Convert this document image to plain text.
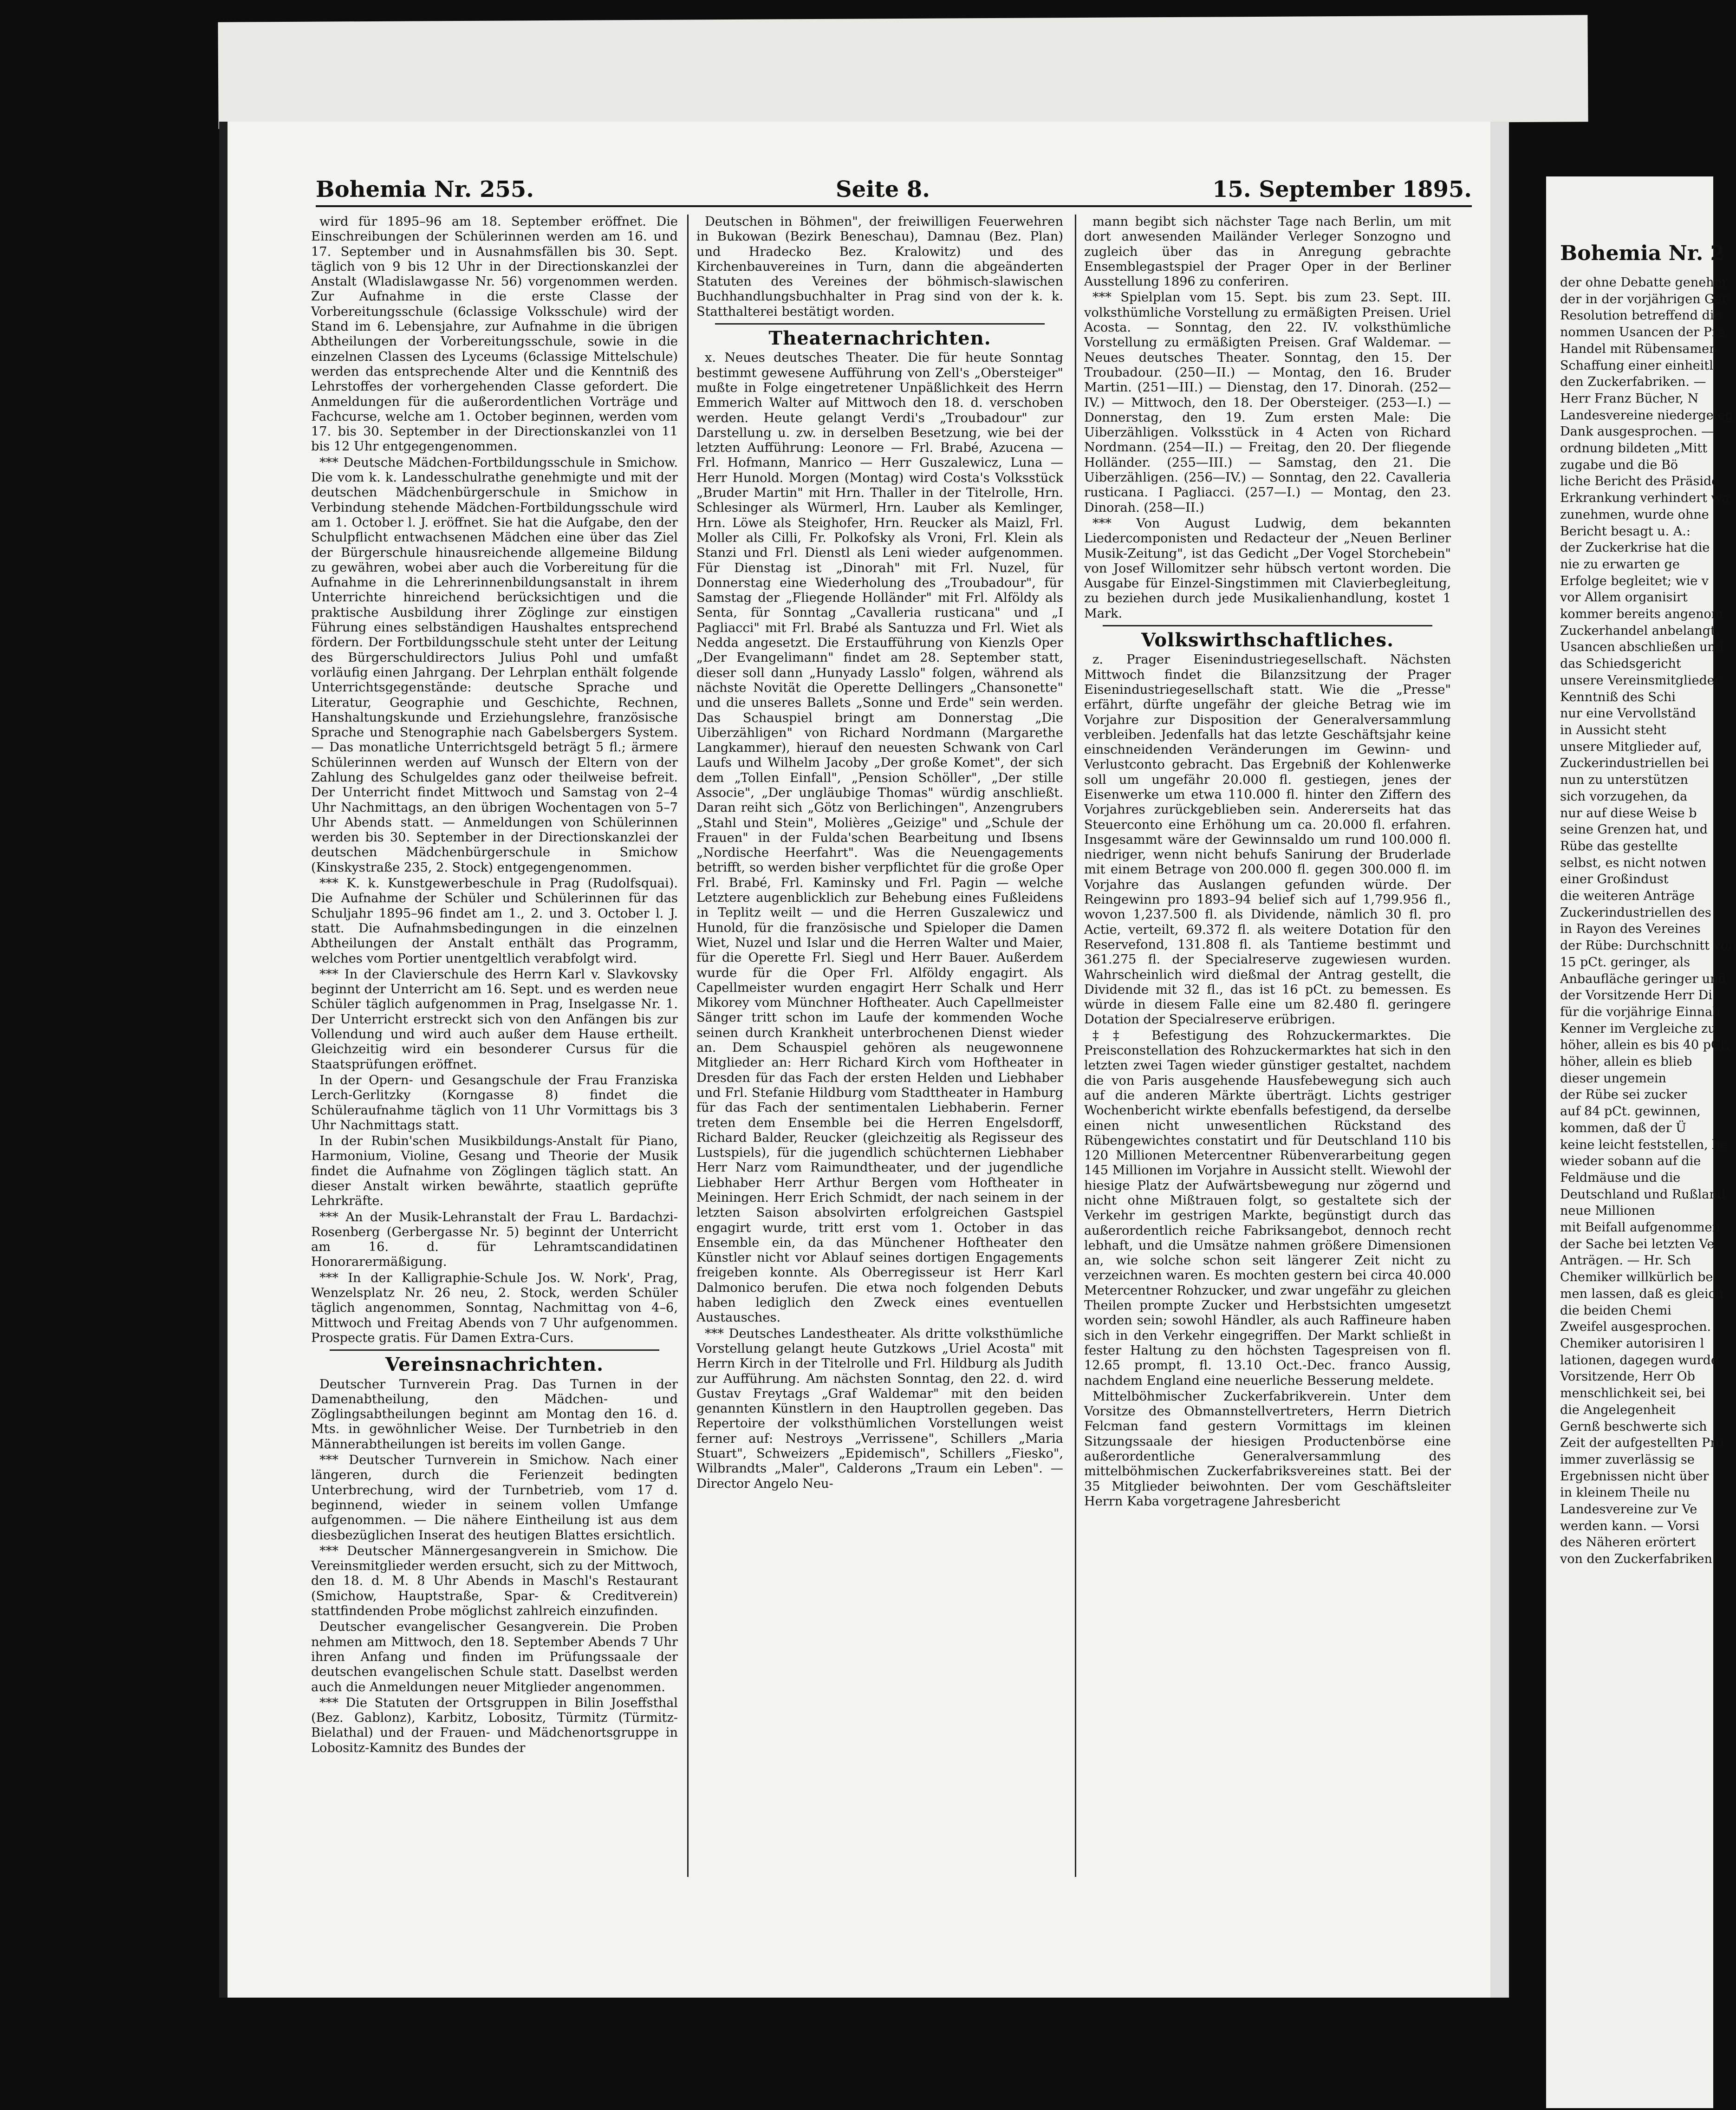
Bohemia Nr. 255.	Seite 8.	15. September 1895.

wird für 1895–96 am 18. September eröffnet. Die Einschreibungen der Schülerinnen werden am 16. und 17. September und in Ausnahmsfällen bis 30. Sept. täglich von 9 bis 12 Uhr in der Directionskanzlei der Anstalt (Wladislawgasse Nr. 56) vorgenommen werden. Zur Aufnahme in die erste Classe der Vorbereitungsschule (6classige Volksschule) wird der Stand im 6. Lebensjahre, zur Aufnahme in die übrigen Abtheilungen der Vorbereitungsschule, sowie in die einzelnen Classen des Lyceums (6classige Mittelschule) werden das entsprechende Alter und die Kenntniß des Lehrstoffes der vorhergehenden Classe gefordert. Die Anmeldungen für die außerordentlichen Vorträge und Fachcurse, welche am 1. October beginnen, werden vom 17. bis 30. September in der Directionskanzlei von 11 bis 12 Uhr entgegengenommen.

*** Deutsche Mädchen-Fortbildungsschule in Smichow. Die vom k. k. Landesschulrathe genehmigte und mit der deutschen Mädchenbürgerschule in Smichow in Verbindung stehende Mädchen-Fortbildungsschule wird am 1. October l. J. eröffnet. Sie hat die Aufgabe, den der Schulpflicht entwachsenen Mädchen eine über das Ziel der Bürgerschule hinausreichende allgemeine Bildung zu gewähren, wobei aber auch die Vorbereitung für die Aufnahme in die Lehrerinnenbildungsanstalt in ihrem Unterrichte hinreichend berücksichtigen und die praktische Ausbildung ihrer Zöglinge zur einstigen Führung eines selbständigen Haushaltes entsprechend fördern. Der Fortbildungsschule steht unter der Leitung des Bürgerschuldirectors Julius Pohl und umfaßt vorläufig einen Jahrgang. Der Lehrplan enthält folgende Unterrichtsgegenstände: deutsche Sprache und Literatur, Geographie und Geschichte, Rechnen, Hanshaltungskunde und Erziehungslehre, französische Sprache und Stenographie nach Gabelsbergers System. — Das monatliche Unterrichtsgeld beträgt 5 fl.; ärmere Schülerinnen werden auf Wunsch der Eltern von der Zahlung des Schulgeldes ganz oder theilweise befreit. Der Unterricht findet Mittwoch und Samstag von 2–4 Uhr Nachmittags, an den übrigen Wochentagen von 5–7 Uhr Abends statt. — Anmeldungen von Schülerinnen werden bis 30. September in der Directionskanzlei der deutschen Mädchenbürgerschule in Smichow (Kinskystraße 235, 2. Stock) entgegengenommen.

*** K. k. Kunstgewerbeschule in Prag (Rudolfsquai). Die Aufnahme der Schüler und Schülerinnen für das Schuljahr 1895–96 findet am 1., 2. und 3. October l. J. statt. Die Aufnahmsbedingungen in die einzelnen Abtheilungen der Anstalt enthält das Programm, welches vom Portier unentgeltlich verabfolgt wird.

*** In der Clavierschule des Herrn Karl v. Slavkovsky beginnt der Unterricht am 16. Sept. und es werden neue Schüler täglich aufgenommen in Prag, Inselgasse Nr. 1. Der Unterricht erstreckt sich von den Anfängen bis zur Vollendung und wird auch außer dem Hause ertheilt. Gleichzeitig wird ein besonderer Cursus für die Staatsprüfungen eröffnet.

In der Opern- und Gesangschule der Frau Franziska Lerch-Gerlitzky (Korngasse 8) findet die Schüleraufnahme täglich von 11 Uhr Vormittags bis 3 Uhr Nachmittags statt.

In der Rubin'schen Musikbildungs-Anstalt für Piano, Harmonium, Violine, Gesang und Theorie der Musik findet die Aufnahme von Zöglingen täglich statt. An dieser Anstalt wirken bewährte, staatlich geprüfte Lehrkräfte.

*** An der Musik-Lehranstalt der Frau L. Bardachzi-Rosenberg (Gerbergasse Nr. 5) beginnt der Unterricht am 16. d. für Lehramtscandidatinen Honorarermäßigung.

*** In der Kalligraphie-Schule Jos. W. Nork', Prag, Wenzelsplatz Nr. 26 neu, 2. Stock, werden Schüler täglich angenommen, Sonntag, Nachmittag von 4–6, Mittwoch und Freitag Abends von 7 Uhr aufgenommen. Prospecte gratis. Für Damen Extra-Curs.

Vereinsnachrichten.

Deutscher Turnverein Prag. Das Turnen in der Damenabtheilung, den Mädchen- und Zöglingsabtheilungen beginnt am Montag den 16. d. Mts. in gewöhnlicher Weise. Der Turnbetrieb in den Männerabtheilungen ist bereits im vollen Gange.

*** Deutscher Turnverein in Smichow. Nach einer längeren, durch die Ferienzeit bedingten Unterbrechung, wird der Turnbetrieb, vom 17 d. beginnend, wieder in seinem vollen Umfange aufgenommen. — Die nähere Eintheilung ist aus dem diesbezüglichen Inserat des heutigen Blattes ersichtlich.

*** Deutscher Männergesangverein in Smichow. Die Vereinsmitglieder werden ersucht, sich zu der Mittwoch, den 18. d. M. 8 Uhr Abends in Maschl's Restaurant (Smichow, Hauptstraße, Spar- & Creditverein) stattfindenden Probe möglichst zahlreich einzufinden.

Deutscher evangelischer Gesangverein. Die Proben nehmen am Mittwoch, den 18. September Abends 7 Uhr ihren Anfang und finden im Prüfungssaale der deutschen evangelischen Schule statt. Daselbst werden auch die Anmeldungen neuer Mitglieder angenommen.

*** Die Statuten der Ortsgruppen in Bilin Joseffsthal (Bez. Gablonz), Karbitz, Lobositz, Türmitz (Türmitz-Bielathal) und der Frauen- und Mädchenortsgruppe in Lobositz-Kamnitz des Bundes der

Deutschen in Böhmen", der freiwilligen Feuerwehren in Bukowan (Bezirk Beneschau), Damnau (Bez. Plan) und Hradecko Bez. Kralowitz) und des Kirchenbauvereines in Turn, dann die abgeänderten Statuten des Vereines der böhmisch-slawischen Buchhandlungsbuchhalter in Prag sind von der k. k. Statthalterei bestätigt worden.

Theaternachrichten.

x. Neues deutsches Theater. Die für heute Sonntag bestimmt gewesene Aufführung von Zell's „Obersteiger" mußte in Folge eingetretener Unpäßlichkeit des Herrn Emmerich Walter auf Mittwoch den 18. d. verschoben werden. Heute gelangt Verdi's „Troubadour" zur Darstellung u. zw. in derselben Besetzung, wie bei der letzten Aufführung: Leonore — Frl. Brabé, Azucena — Frl. Hofmann, Manrico — Herr Guszalewicz, Luna — Herr Hunold. Morgen (Montag) wird Costa's Volksstück „Bruder Martin" mit Hrn. Thaller in der Titelrolle, Hrn. Schlesinger als Würmerl, Hrn. Lauber als Kemlinger, Hrn. Löwe als Steighofer, Hrn. Reucker als Maizl, Frl. Moller als Cilli, Fr. Polkofsky als Vroni, Frl. Klein als Stanzi und Frl. Dienstl als Leni wieder aufgenommen. Für Dienstag ist „Dinorah" mit Frl. Nuzel, für Donnerstag eine Wiederholung des „Troubadour", für Samstag der „Fliegende Holländer" mit Frl. Alföldy als Senta, für Sonntag „Cavalleria rusticana" und „I Pagliacci" mit Frl. Brabé als Santuzza und Frl. Wiet als Nedda angesetzt. Die Erstaufführung von Kienzls Oper „Der Evangelimann" findet am 28. September statt, dieser soll dann „Hunyady Lasslo" folgen, während als nächste Novität die Operette Dellingers „Chansonette" und die unseres Ballets „Sonne und Erde" sein werden. Das Schauspiel bringt am Donnerstag „Die Uiberzähligen" von Richard Nordmann (Margarethe Langkammer), hierauf den neuesten Schwank von Carl Laufs und Wilhelm Jacoby „Der große Komet", der sich dem „Tollen Einfall", „Pension Schöller", „Der stille Associe", „Der ungläubige Thomas" würdig anschließt. Daran reiht sich „Götz von Berlichingen", Anzengrubers „Stahl und Stein", Molières „Geizige" und „Schule der Frauen" in der Fulda'schen Bearbeitung und Ibsens „Nordische Heerfahrt". Was die Neuengagements betrifft, so werden bisher verpflichtet für die große Oper Frl. Brabé, Frl. Kaminsky und Frl. Pagin — welche Letztere augenblicklich zur Behebung eines Fußleidens in Teplitz weilt — und die Herren Guszalewicz und Hunold, für die französische und Spieloper die Damen Wiet, Nuzel und Islar und die Herren Walter und Maier, für die Operette Frl. Siegl und Herr Bauer. Außerdem wurde für die Oper Frl. Alföldy engagirt. Als Capellmeister wurden engagirt Herr Schalk und Herr Mikorey vom Münchner Hoftheater. Auch Capellmeister Sänger tritt schon im Laufe der kommenden Woche seinen durch Krankheit unterbrochenen Dienst wieder an. Dem Schauspiel gehören als neugewonnene Mitglieder an: Herr Richard Kirch vom Hoftheater in Dresden für das Fach der ersten Helden und Liebhaber und Frl. Stefanie Hildburg vom Stadttheater in Hamburg für das Fach der sentimentalen Liebhaberin. Ferner treten dem Ensemble bei die Herren Engelsdorff, Richard Balder, Reucker (gleichzeitig als Regisseur des Lustspiels), für die jugendlich schüchternen Liebhaber Herr Narz vom Raimundtheater, und der jugendliche Liebhaber Herr Arthur Bergen vom Hoftheater in Meiningen. Herr Erich Schmidt, der nach seinem in der letzten Saison absolvirten erfolgreichen Gastspiel engagirt wurde, tritt erst vom 1. October in das Ensemble ein, da das Münchener Hoftheater den Künstler nicht vor Ablauf seines dortigen Engagements freigeben konnte. Als Oberregisseur ist Herr Karl Dalmonico berufen. Die etwa noch folgenden Debuts haben lediglich den Zweck eines eventuellen Austausches.

*** Deutsches Landestheater. Als dritte volksthümliche Vorstellung gelangt heute Gutzkows „Uriel Acosta" mit Herrn Kirch in der Titelrolle und Frl. Hildburg als Judith zur Aufführung. Am nächsten Sonntag, den 22. d. wird Gustav Freytags „Graf Waldemar" mit den beiden genannten Künstlern in den Hauptrollen gegeben. Das Repertoire der volksthümlichen Vorstellungen weist ferner auf: Nestroys „Verrissene", Schillers „Maria Stuart", Schweizers „Epidemisch", Schillers „Fiesko", Wilbrandts „Maler", Calderons „Traum ein Leben". — Director Angelo Neu-

mann begibt sich nächster Tage nach Berlin, um mit dort anwesenden Mailänder Verleger Sonzogno und zugleich über das in Anregung gebrachte Ensemblegastspiel der Prager Oper in der Berliner Ausstellung 1896 zu conferiren.

*** Spielplan vom 15. Sept. bis zum 23. Sept. III. volksthümliche Vorstellung zu ermäßigten Preisen. Uriel Acosta. — Sonntag, den 22. IV. volksthümliche Vorstellung zu ermäßigten Preisen. Graf Waldemar. — Neues deutsches Theater. Sonntag, den 15. Der Troubadour. (250—II.) — Montag, den 16. Bruder Martin. (251—III.) — Dienstag, den 17. Dinorah. (252—IV.) — Mittwoch, den 18. Der Obersteiger. (253—I.) — Donnerstag, den 19. Zum ersten Male: Die Uiberzähligen. Volksstück in 4 Acten von Richard Nordmann. (254—II.) — Freitag, den 20. Der fliegende Holländer. (255—III.) — Samstag, den 21. Die Uiberzähligen. (256—IV.) — Sonntag, den 22. Cavalleria rusticana. I Pagliacci. (257—I.) — Montag, den 23. Dinorah. (258—II.)

*** Von August Ludwig, dem bekannten Liedercomponisten und Redacteur der „Neuen Berliner Musik-Zeitung", ist das Gedicht „Der Vogel Storchebein" von Josef Willomitzer sehr hübsch vertont worden. Die Ausgabe für Einzel-Singstimmen mit Clavierbegleitung, zu beziehen durch jede Musikalienhandlung, kostet 1 Mark.

Volkswirthschaftliches.

z. Prager Eisenindustriegesellschaft. Nächsten Mittwoch findet die Bilanzsitzung der Prager Eisenindustriegesellschaft statt. Wie die „Presse" erfährt, dürfte ungefähr der gleiche Betrag wie im Vorjahre zur Disposition der Generalversammlung verbleiben. Jedenfalls hat das letzte Geschäftsjahr keine einschneidenden Veränderungen im Gewinn- und Verlustconto gebracht. Das Ergebniß der Kohlenwerke soll um ungefähr 20.000 fl. gestiegen, jenes der Eisenwerke um etwa 110.000 fl. hinter den Ziffern des Vorjahres zurückgeblieben sein. Andererseits hat das Steuerconto eine Erhöhung um ca. 20.000 fl. erfahren. Insgesammt wäre der Gewinnsaldo um rund 100.000 fl. niedriger, wenn nicht behufs Sanirung der Bruderlade mit einem Betrage von 200.000 fl. gegen 300.000 fl. im Vorjahre das Auslangen gefunden würde. Der Reingewinn pro 1893–94 belief sich auf 1,799.956 fl., wovon 1,237.500 fl. als Dividende, nämlich 30 fl. pro Actie, verteilt, 69.372 fl. als weitere Dotation für den Reservefond, 131.808 fl. als Tantieme bestimmt und 361.275 fl. der Specialreserve zugewiesen wurden. Wahrscheinlich wird dießmal der Antrag gestellt, die Dividende mit 32 fl., das ist 16 pCt. zu bemessen. Es würde in diesem Falle eine um 82.480 fl. geringere Dotation der Specialreserve erübrigen.

‡‡ Befestigung des Rohzuckermarktes. Die Preisconstellation des Rohzuckermarktes hat sich in den letzten zwei Tagen wieder günstiger gestaltet, nachdem die von Paris ausgehende Hausfebewegung sich auch auf die anderen Märkte überträgt. Lichts gestriger Wochenbericht wirkte ebenfalls befestigend, da derselbe einen nicht unwesentlichen Rückstand des Rübengewichtes constatirt und für Deutschland 110 bis 120 Millionen Metercentner Rübenverarbeitung gegen 145 Millionen im Vorjahre in Aussicht stellt. Wiewohl der hiesige Platz der Aufwärtsbewegung nur zögernd und nicht ohne Mißtrauen folgt, so gestaltete sich der Verkehr im gestrigen Markte, begünstigt durch das außerordentlich reiche Fabriksangebot, dennoch recht lebhaft, und die Umsätze nahmen größere Dimensionen an, wie solche schon seit längerer Zeit nicht zu verzeichnen waren. Es mochten gestern bei circa 40.000 Metercentner Rohzucker, und zwar ungefähr zu gleichen Theilen prompte Zucker und Herbstsichten umgesetzt worden sein; sowohl Händler, als auch Raffineure haben sich in den Verkehr eingegriffen. Der Markt schließt in fester Haltung zu den höchsten Tagespreisen von fl. 12.65 prompt, fl. 13.10 Oct.-Dec. franco Aussig, nachdem England eine neuerliche Besserung meldete.

Mittelböhmischer Zuckerfabrikverein. Unter dem Vorsitze des Obmannstellvertreters, Herrn Dietrich Felcman fand gestern Vormittags im kleinen Sitzungssaale der hiesigen Productenbörse eine außerordentliche Generalversammlung des mittelböhmischen Zuckerfabriksvereines statt. Bei der 35 Mitglieder beiwohnten. Der vom Geschäftsleiter Herrn Kaba vorgetragene Jahresbericht

Bohemia Nr. 2
der ohne Debatte genehm
der in der vorjährigen Ger
Resolution betreffend die
nommen Usancen der Pre
Handel mit Rübensamen
Schaffung einer einheitl
den Zuckerfabriken. —
Herr Franz Bücher, N
Landesvereine niedergeleg
Dank ausgesprochen. —
ordnung bildeten „Mitt
zugabe und die Bö
liche Bericht des Präside
Erkrankung verhindert wa
zunehmen, wurde ohne
Bericht besagt u. A.:
der Zuckerkrise hat die
nie zu erwarten ge
Erfolge begleitet; wie v
vor Allem organisirt
kommer bereits angenom
Zuckerhandel anbelangt,
Usancen abschließen und
das Schiedsgericht
unsere Vereinsmitglieder
Kenntniß des Schi
nur eine Vervollständ
in Aussicht steht
unsere Mitglieder auf,
Zuckerindustriellen bei
nun zu unterstützen
sich vorzugehen, da
nur auf diese Weise b
seine Grenzen hat, und
Rübe das gestellte
selbst, es nicht notwen
einer Großindust
die weiteren Anträge
Zuckerindustriellen des
in Rayon des Vereines
der Rübe: Durchschnitt von
15 pCt. geringer, als
Anbaufläche geringer und
der Vorsitzende Herr Di
für die vorjährige Einnah
Kenner im Vergleiche zu
höher, allein es bis 40 pCt.
höher, allein es blieb
dieser ungemein
der Rübe sei zucker
auf 84 pCt. gewinnen,
kommen, daß der Ü
keine leicht feststellen, be
wieder sobann auf die
Feldmäuse und die
Deutschland und Rußland
neue Millionen
mit Beifall aufgenommen
der Sache bei letzten Ve
Anträgen. — Hr. Sch
Chemiker willkürlich be
men lassen, daß es gleich
die beiden Chemi
Zweifel ausgesprochen.
Chemiker autorisiren l
lationen, dagegen wurde
Vorsitzende, Herr Ob
menschlichkeit sei, bei
die Angelegenheit
Gernß beschwerte sich
Zeit der aufgestellten Pro
immer zuverlässig se
Ergebnissen nicht über
in kleinem Theile nu
Landesvereine zur Ve
werden kann. — Vorsi
des Näheren erörtert
von den Zuckerfabriken
